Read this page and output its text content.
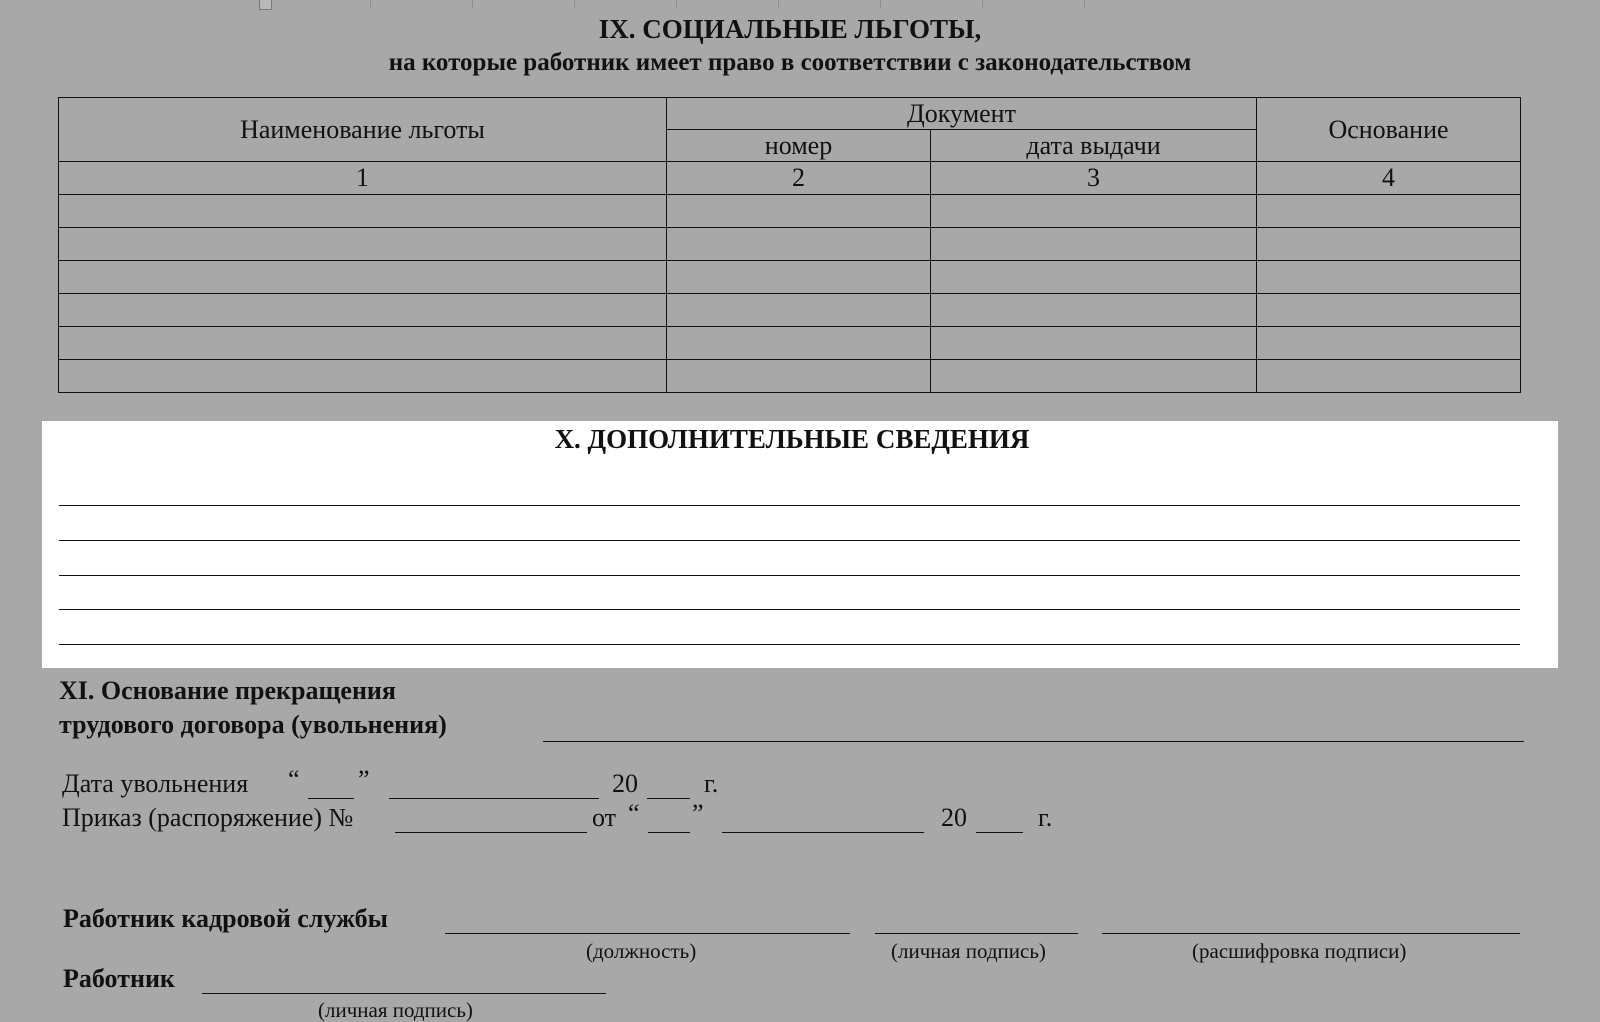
IX. СОЦИАЛЬНЫЕ ЛЬГОТЫ,
на которые работник имеет право в соответствии с законодательством
Наименование льготы	Документ		Основание
	номер	дата выдачи	
1	2	3	4

X. ДОПОЛНИТЕЛЬНЫЕ СВЕДЕНИЯ
XI. Основание прекращения
трудового договора (увольнения)
Дата увольнения “ ”	20	г.
Приказ (распоряжение) №	от “ ”	20	г.
Работник кадровой службы
(должность)	(личная подпись)	(расшифровка подписи)
Работник
(личная подпись)
